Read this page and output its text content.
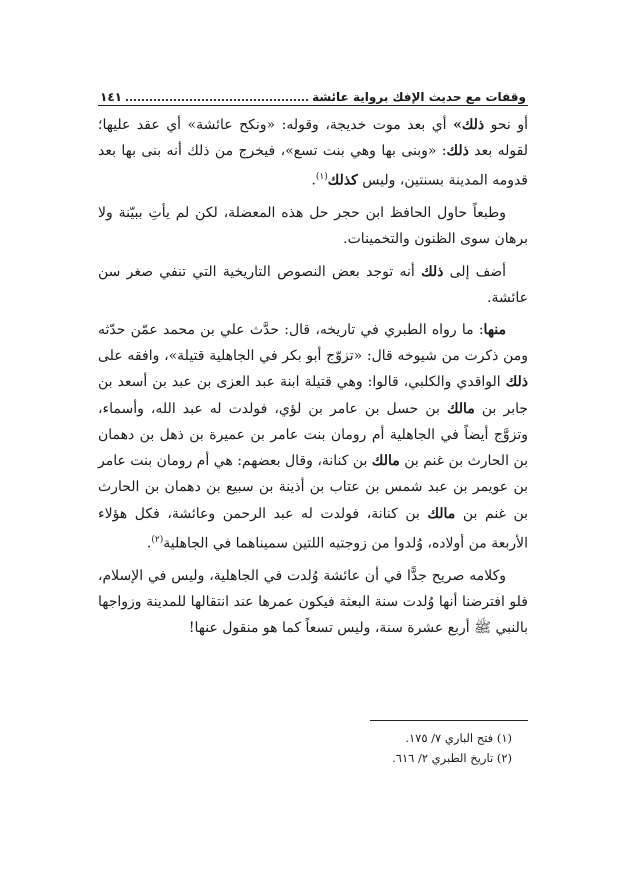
وقفات مع حديث الإفك برواية عائشة
١٤١

أو نحو ذلك» أي بعد موت خديجة، وقوله: «ونكح عائشة» أي عقد عليها؛ لقوله بعد ذلك: «وبنى بها وهي بنت تسع»، فيخرج من ذلك أنه بنى بها بعد قدومه المدينة بسنتين، وليس كذلك$^{(١)}$.

وطبعاً حاول الحافظ ابن حجر حل هذه المعضلة، لكن لم يأتِ ببيّنة ولا برهان سوى الظنون والتخمينات.

أضف إلى ذلك أنه توجد بعض النصوص التاريخية التي تنفي صغر سن عائشة.

منها: ما رواه الطبري في تاريخه، قال: حدَّث علي بن محمد عمّن حدّثه ومن ذكرت من شيوخه قال: «تزوّج أبو بكر في الجاهلية قتيلة»، وافقه على ذلك الواقدي والكلبي، قالوا: وهي قتيلة ابنة عبد العزى بن عبد بن أسعد بن جابر بن مالك بن حسل بن عامر بن لؤي، فولدت له عبد الله، وأسماء، وتزوَّج أيضاً في الجاهلية أم رومان بنت عامر بن عميرة بن ذهل بن دهمان بن الحارث بن غنم بن مالك بن كنانة، وقال بعضهم: هي أم رومان بنت عامر بن عويمر بن عبد شمس بن عتاب بن أذينة بن سبيع بن دهمان بن الحارث بن غنم بن مالك بن كنانة، فولدت له عبد الرحمن وعائشة، فكل هؤلاء الأربعة من أولاده، وُلدوا من زوجتيه اللتين سميناهما في الجاهلية$^{(٢)}$.

وكلامه صريح جدًّا في أن عائشة وُلدت في الجاهلية، وليس في الإسلام، فلو افترضنا أنها وُلدت سنة البعثة فيكون عمرها عند انتقالها للمدينة وزواجها بالنبي ﷺ أربع عشرة سنة، وليس تسعاً كما هو منقول عنها!

(١) فتح الباري ٧/ ١٧٥.
(٢) تاريخ الطبري ٢/ ٦١٦.
